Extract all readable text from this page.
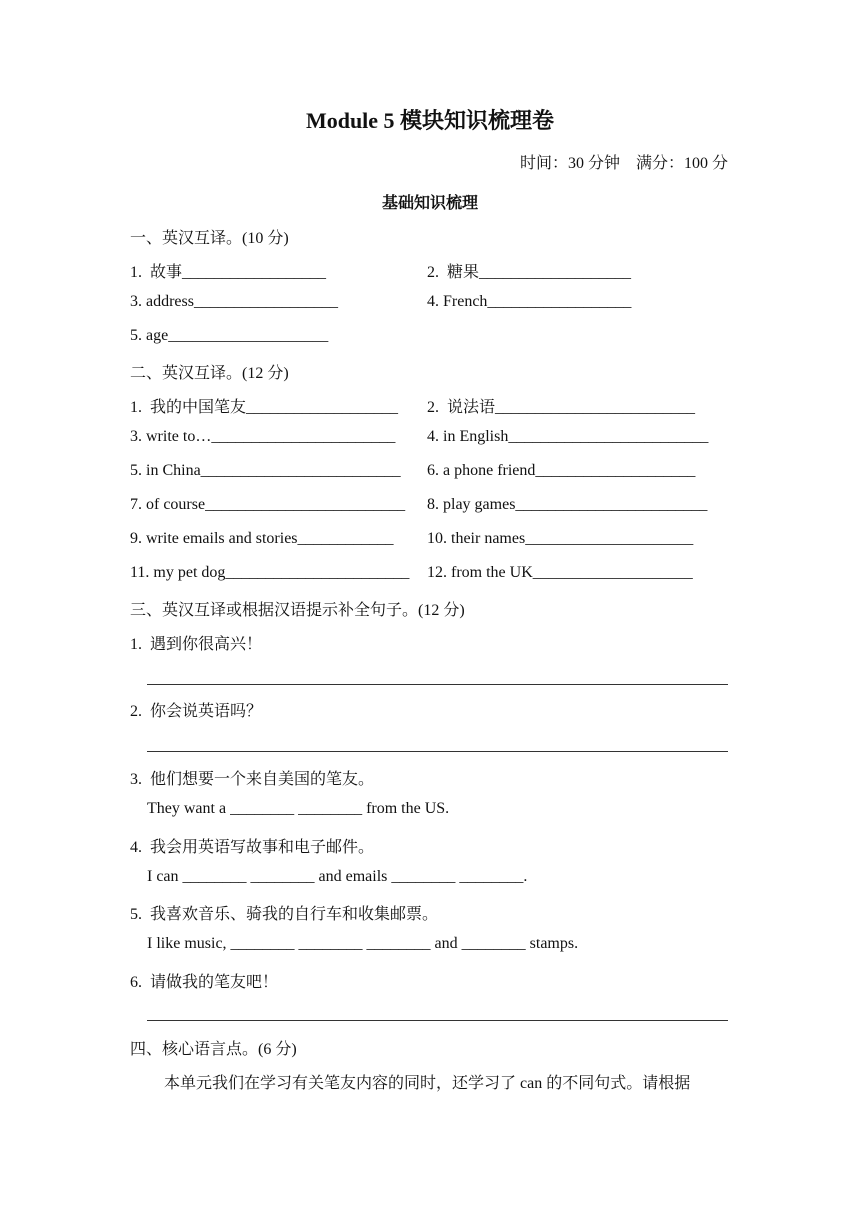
Module 5 模块知识梳理卷
时间：30 分钟　满分：100 分
基础知识梳理
一、英汉互译。(10 分)
1.  故事__________________	2.  糖果___________________
3. address__________________	4. French__________________
5. age____________________
二、英汉互译。(12 分)
1.  我的中国笔友___________________ 2.  说法语_________________________
3. write to…_______________________ 4. in English_________________________
5. in China_________________________ 6. a phone friend____________________
7. of course_________________________ 8. play games________________________
9. write emails and stories____________ 10. their names_____________________
11. my pet dog_______________________ 12. from the UK____________________
三、英汉互译或根据汉语提示补全句子。(12 分)
1.  遇到你很高兴！
2.  你会说英语吗？
3.  他们想要一个来自美国的笔友。
They want a ________ ________ from the US.
4.  我会用英语写故事和电子邮件。
I can ________ ________ and emails ________ ________.
5.  我喜欢音乐、骑我的自行车和收集邮票。
I like music, ________ ________ ________ and ________ stamps.
6.  请做我的笔友吧！
四、核心语言点。(6 分)
本单元我们在学习有关笔友内容的同时，还学习了 can 的不同句式。请根据
